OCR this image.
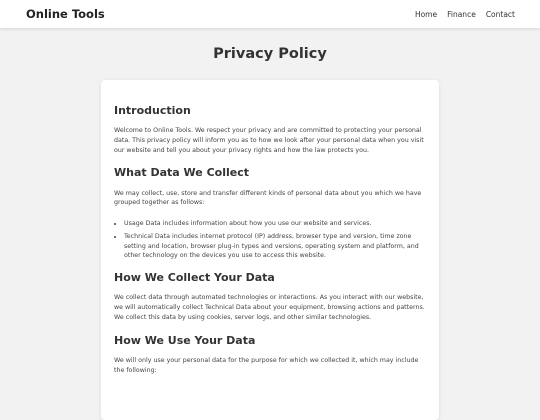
Online Tools	Home Finance Contact
Privacy Policy
Introduction

Welcome to Online Tools. We respect your privacy and are committed to protecting your personal data. This privacy policy will inform you as to how we look after your personal data when you visit our website and tell you about your privacy rights and how the law protects you.

What Data We Collect

We may collect, use, store and transfer different kinds of personal data about you which we have grouped together as follows:

• Usage Data includes information about how you use our website and services.
• Technical Data includes internet protocol (IP) address, browser type and version, time zone setting and location, browser plug-in types and versions, operating system and platform, and other technology on the devices you use to access this website.
How We Collect Your Data

We collect data through automated technologies or interactions. As you interact with our website, we will automatically collect Technical Data about your equipment, browsing actions and patterns. We collect this data by using cookies, server logs, and other similar technologies.

How We Use Your Data

We will only use your personal data for the purpose for which we collected it, which may include the following:
